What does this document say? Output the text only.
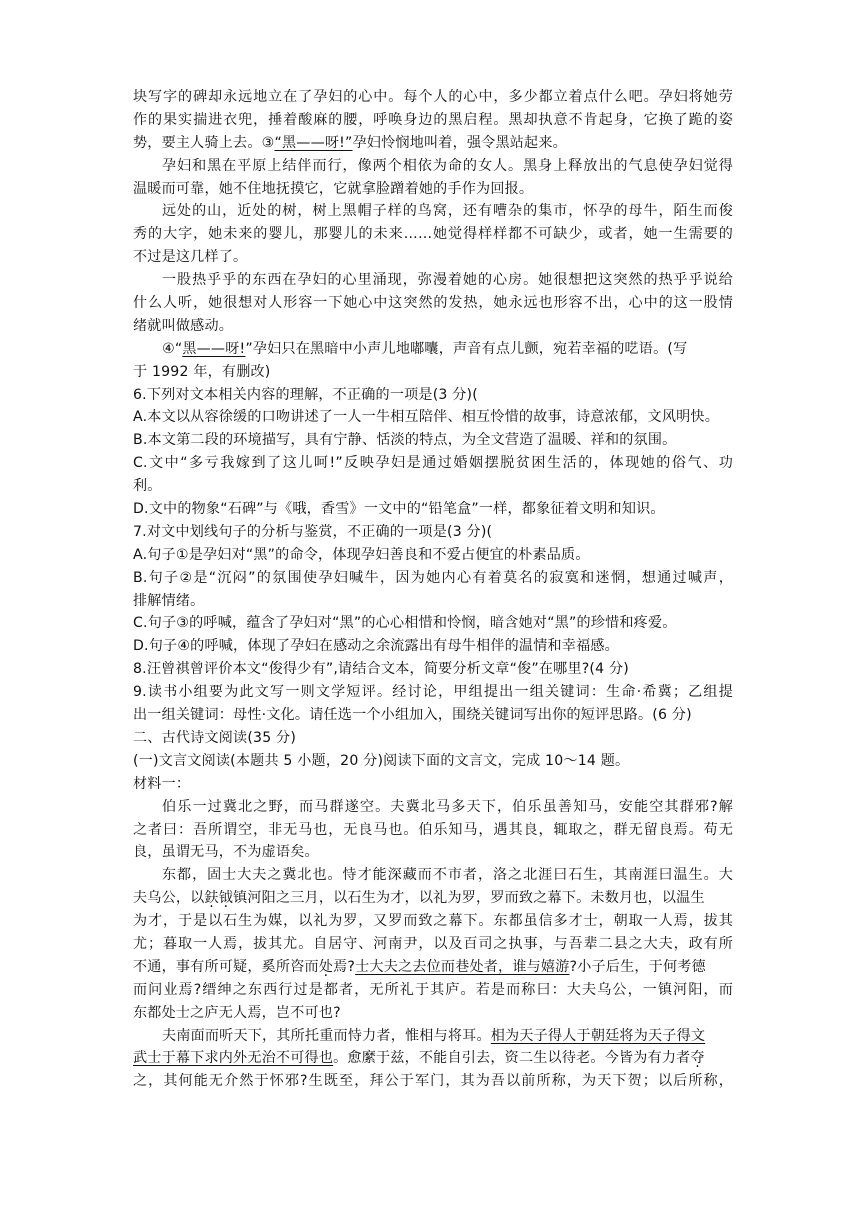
块写字的碑却永远地立在了孕妇的心中。每个人的心中，多少都立着点什么吧。孕妇将她劳
作的果实揣进衣兜，捶着酸麻的腰，呼唤身边的黑启程。黑却执意不肯起身，它换了跪的姿
势，要主人骑上去。③“黑——呀!”孕妇怜悯地叫着，强令黑站起来。
孕妇和黑在平原上结伴而行，像两个相依为命的女人。黑身上释放出的气息使孕妇觉得
温暖而可靠，她不住地抚摸它，它就拿脸蹭着她的手作为回报。
远处的山，近处的树，树上黑帽子样的鸟窝，还有嘈杂的集市，怀孕的母牛，陌生而俊
秀的大字，她未来的婴儿，那婴儿的未来……她觉得样样都不可缺少，或者，她一生需要的
不过是这几样了。
一股热乎乎的东西在孕妇的心里涌现，弥漫着她的心房。她很想把这突然的热乎乎说给
什么人听，她很想对人形容一下她心中这突然的发热，她永远也形容不出，心中的这一股情
绪就叫做感动。
④“黑——呀!”孕妇只在黑暗中小声儿地嘟囔，声音有点儿颤，宛若幸福的呓语。(写
于 1992 年，有删改)
6.下列对文本相关内容的理解，不正确的一项是(3 分)(
A.本文以从容徐缓的口吻讲述了一人一牛相互陪伴、相互怜惜的故事，诗意浓郁，文风明快。
B.本文第二段的环境描写，具有宁静、恬淡的特点，为全文营造了温暖、祥和的氛围。
C.文中“多亏我嫁到了这儿呵!”反映孕妇是通过婚姻摆脱贫困生活的，体现她的俗气、功
利。
D.文中的物象“石碑”与《哦，香雪》一文中的“铅笔盒”一样，都象征着文明和知识。
7.对文中划线句子的分析与鉴赏，不正确的一项是(3 分)(
A.句子①是孕妇对“黑”的命令，体现孕妇善良和不爱占便宜的朴素品质。
B.句子②是“沉闷”的氛围使孕妇喊牛，因为她内心有着莫名的寂寞和迷惘，想通过喊声，
排解情绪。
C.句子③的呼喊，蕴含了孕妇对“黑”的心心相惜和怜悯，暗含她对“黑”的珍惜和疼爱。
D.句子④的呼喊，体现了孕妇在感动之余流露出有母牛相伴的温情和幸福感。
8.汪曾祺曾评价本文“俊得少有”,请结合文本，简要分析文章“俊”在哪里?(4 分)
9.读书小组要为此文写一则文学短评。经讨论，甲组提出一组关键词：生命·希冀；乙组提
出一组关键词：母性·文化。请任选一个小组加入，围绕关键词写出你的短评思路。(6 分)
二、古代诗文阅读(35 分)
(一)文言文阅读(本题共 5 小题，20 分)阅读下面的文言文，完成 10～14 题。
材料一：
伯乐一过冀北之野，而马群遂空。夫冀北马多天下，伯乐虽善知马，安能空其群邪?解
之者曰：吾所谓空，非无马也，无良马也。伯乐知马，遇其良，辄取之，群无留良焉。苟无
良，虽谓无马，不为虚语矣。
东都，固士大夫之冀北也。恃才能深藏而不市者，洛之北涯曰石生，其南涯曰温生。大
夫乌公，以鈇钺镇河阳之三月，以石生为才，以礼为罗，罗而致之幕下。未数月也，以温生
为才，于是以石生为媒，以礼为罗，又罗而致之幕下。东都虽信多才士，朝取一人焉，拔其
尤；暮取一人焉，拔其尤。自居守、河南尹，以及百司之执事，与吾辈二县之大夫，政有所
不通，事有所可疑，奚所咨而处焉?士大夫之去位而巷处者，谁与嬉游?小子后生，于何考德
而问业焉?缙绅之东西行过是都者，无所礼于其庐。若是而称曰：大夫乌公，一镇河阳，而
东都处士之庐无人焉，岂不可也?
夫南面而听天下，其所托重而恃力者，惟相与将耳。相为天子得人于朝廷将为天子得文
武士于幕下求内外无治不可得也。愈縻于兹，不能自引去，资二生以待老。今皆为有力者夺
之，其何能无介然于怀邪?生既至，拜公于军门，其为吾以前所称，为天下贺；以后所称，
